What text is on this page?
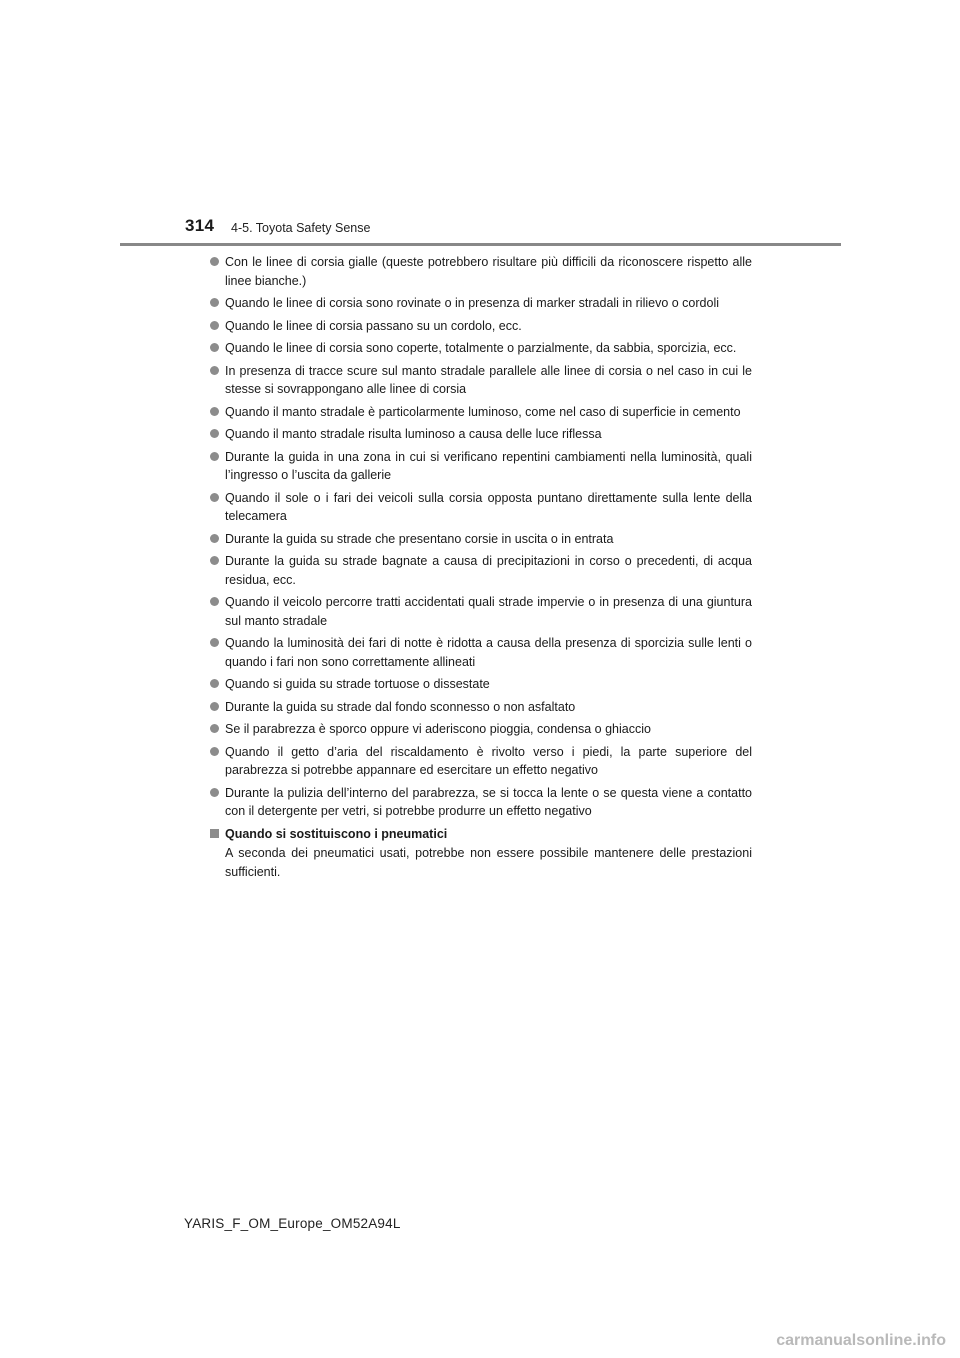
314 4-5. Toyota Safety Sense
Con le linee di corsia gialle (queste potrebbero risultare più difficili da riconoscere rispetto alle linee bianche.)
Quando le linee di corsia sono rovinate o in presenza di marker stradali in rilievo o cordoli
Quando le linee di corsia passano su un cordolo, ecc.
Quando le linee di corsia sono coperte, totalmente o parzialmente, da sabbia, sporcizia, ecc.
In presenza di tracce scure sul manto stradale parallele alle linee di corsia o nel caso in cui le stesse si sovrappongano alle linee di corsia
Quando il manto stradale è particolarmente luminoso, come nel caso di superficie in cemento
Quando il manto stradale risulta luminoso a causa delle luce riflessa
Durante la guida in una zona in cui si verificano repentini cambiamenti nella luminosità, quali l’ingresso o l’uscita da gallerie
Quando il sole o i fari dei veicoli sulla corsia opposta puntano direttamente sulla lente della telecamera
Durante la guida su strade che presentano corsie in uscita o in entrata
Durante la guida su strade bagnate a causa di precipitazioni in corso o precedenti, di acqua residua, ecc.
Quando il veicolo percorre tratti accidentati quali strade impervie o in presenza di una giuntura sul manto stradale
Quando la luminosità dei fari di notte è ridotta a causa della presenza di sporcizia sulle lenti o quando i fari non sono correttamente allineati
Quando si guida su strade tortuose o dissestate
Durante la guida su strade dal fondo sconnesso o non asfaltato
Se il parabrezza è sporco oppure vi aderiscono pioggia, condensa o ghiaccio
Quando il getto d’aria del riscaldamento è rivolto verso i piedi, la parte superiore del parabrezza si potrebbe appannare ed esercitare un effetto negativo
Durante la pulizia dell’interno del parabrezza, se si tocca la lente o se questa viene a contatto con il detergente per vetri, si potrebbe produrre un effetto negativo
Quando si sostituiscono i pneumatici
A seconda dei pneumatici usati, potrebbe non essere possibile mantenere delle prestazioni sufficienti.
YARIS_F_OM_Europe_OM52A94L
carmanualsonline.info
